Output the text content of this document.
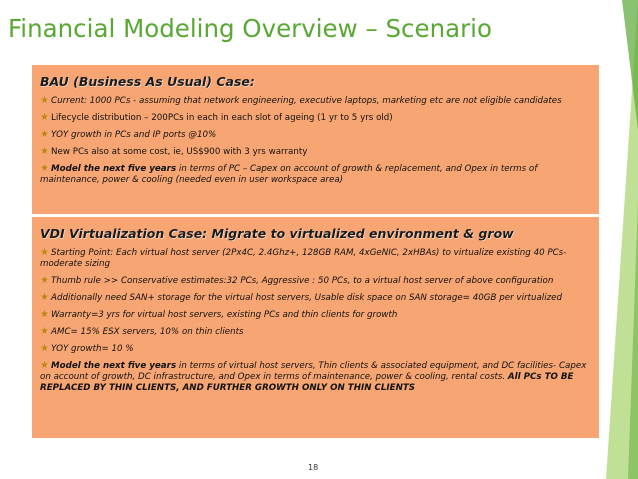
Financial Modeling Overview – Scenario
BAU (Business As Usual) Case:
Current: 1000 PCs - assuming that network engineering, executive laptops, marketing etc are not eligible candidates
Lifecycle distribution – 200PCs in each in each slot of ageing (1 yr to 5 yrs old)
YOY growth in PCs and IP ports @10%
New PCs also at some cost, ie, US$900 with 3 yrs warranty
Model the next five years in terms of PC – Capex on account of growth & replacement, and Opex in terms of maintenance, power & cooling (needed even in user workspace area)
VDI Virtualization Case: Migrate to virtualized environment & grow
Starting Point: Each virtual host server (2Px4C, 2.4Ghz+, 128GB RAM, 4xGeNIC, 2xHBAs) to virtualize existing 40 PCs- moderate sizing
Thumb rule >> Conservative estimates:32 PCs, Aggressive : 50 PCs, to a virtual host server of above configuration
Additionally need SAN+ storage for the virtual host servers, Usable disk space on SAN storage= 40GB per virtualized
Warranty=3 yrs for virtual host servers, existing PCs and thin clients for growth
AMC= 15% ESX servers, 10% on thin clients
YOY growth= 10 %
Model the next five years in terms of virtual host servers, Thin clients & associated equipment, and DC facilities- Capex on account of growth, DC infrastructure, and Opex in terms of maintenance, power & cooling, rental costs. All PCs TO BE REPLACED BY THIN CLIENTS, AND FURTHER GROWTH ONLY ON THIN CLIENTS
18
